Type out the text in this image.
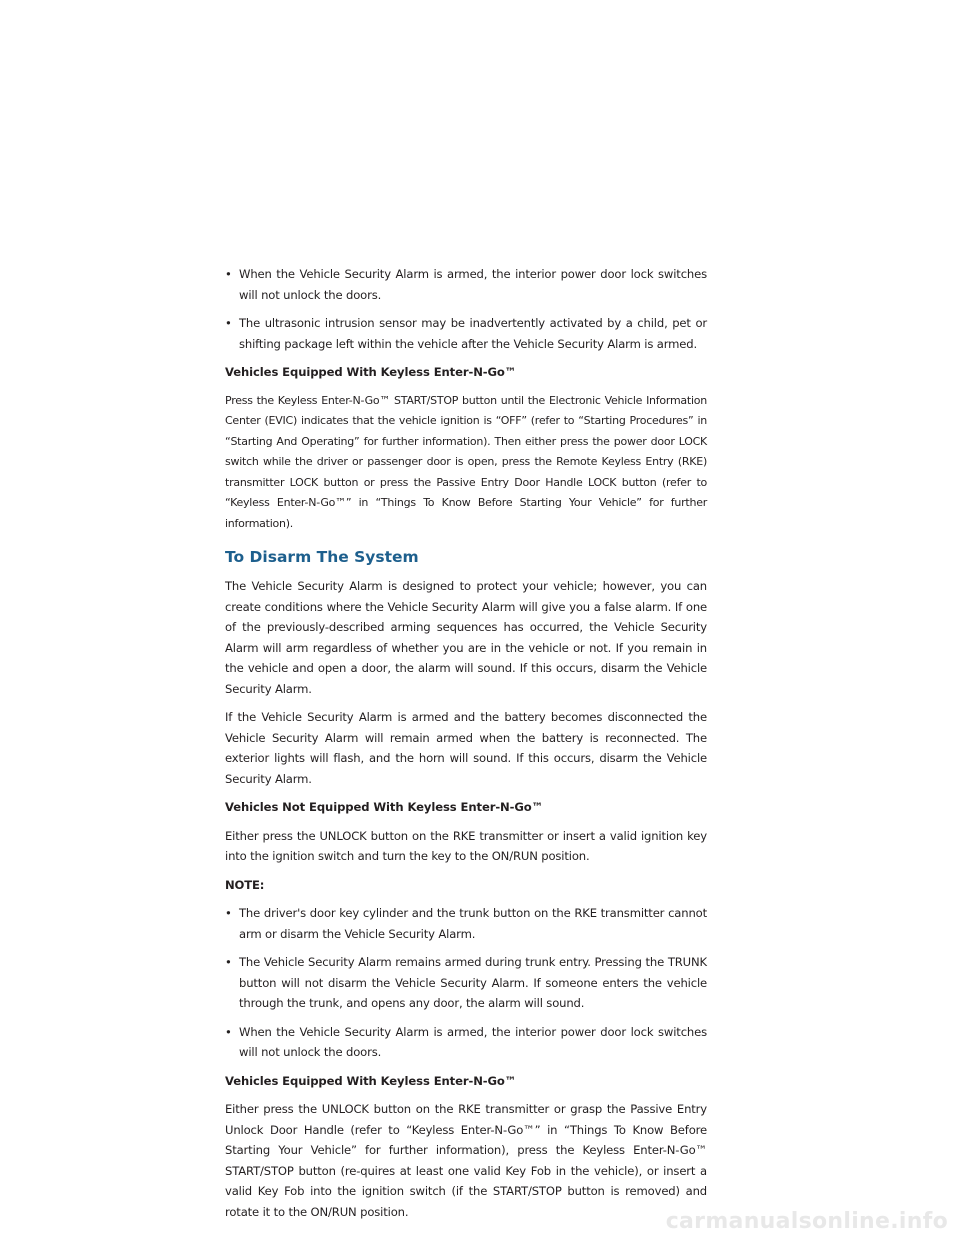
• When the Vehicle Security Alarm is armed, the interior power door lock switches will not unlock the doors.
• The ultrasonic intrusion sensor may be inadvertently activated by a child, pet or shifting package left within the vehicle after the Vehicle Security Alarm is armed.
Vehicles Equipped With Keyless Enter-N-Go™
Press the Keyless Enter-N-Go™ START/STOP button until the Electronic Vehicle Information Center (EVIC) indicates that the vehicle ignition is “OFF” (refer to “Starting Procedures” in “Starting And Operating” for further information). Then either press the power door LOCK switch while the driver or passenger door is open, press the Remote Keyless Entry (RKE) transmitter LOCK button or press the Passive Entry Door Handle LOCK button (refer to “Keyless Enter-N-Go™” in “Things To Know Before Starting Your Vehicle” for further information).
To Disarm The System
The Vehicle Security Alarm is designed to protect your vehicle; however, you can create conditions where the Vehicle Security Alarm will give you a false alarm. If one of the previously-described arming sequences has occurred, the Vehicle Security Alarm will arm regardless of whether you are in the vehicle or not. If you remain in the vehicle and open a door, the alarm will sound. If this occurs, disarm the Vehicle Security Alarm.
If the Vehicle Security Alarm is armed and the battery becomes disconnected the Vehicle Security Alarm will remain armed when the battery is reconnected. The exterior lights will flash, and the horn will sound. If this occurs, disarm the Vehicle Security Alarm.
Vehicles Not Equipped With Keyless Enter-N-Go™
Either press the UNLOCK button on the RKE transmitter or insert a valid ignition key into the ignition switch and turn the key to the ON/RUN position.
NOTE:
• The driver's door key cylinder and the trunk button on the RKE transmitter cannot arm or disarm the Vehicle Security Alarm.
• The Vehicle Security Alarm remains armed during trunk entry. Pressing the TRUNK button will not disarm the Vehicle Security Alarm. If someone enters the vehicle through the trunk, and opens any door, the alarm will sound.
• When the Vehicle Security Alarm is armed, the interior power door lock switches will not unlock the doors.
Vehicles Equipped With Keyless Enter-N-Go™
Either press the UNLOCK button on the RKE transmitter or grasp the Passive Entry Unlock Door Handle (refer to “Keyless Enter-N-Go™” in “Things To Know Before Starting Your Vehicle” for further information), press the Keyless Enter-N-Go™ START/STOP button (re-quires at least one valid Key Fob in the vehicle), or insert a valid Key Fob into the ignition switch (if the START/STOP button is removed) and rotate it to the ON/RUN position.	carmanualsonline.info
